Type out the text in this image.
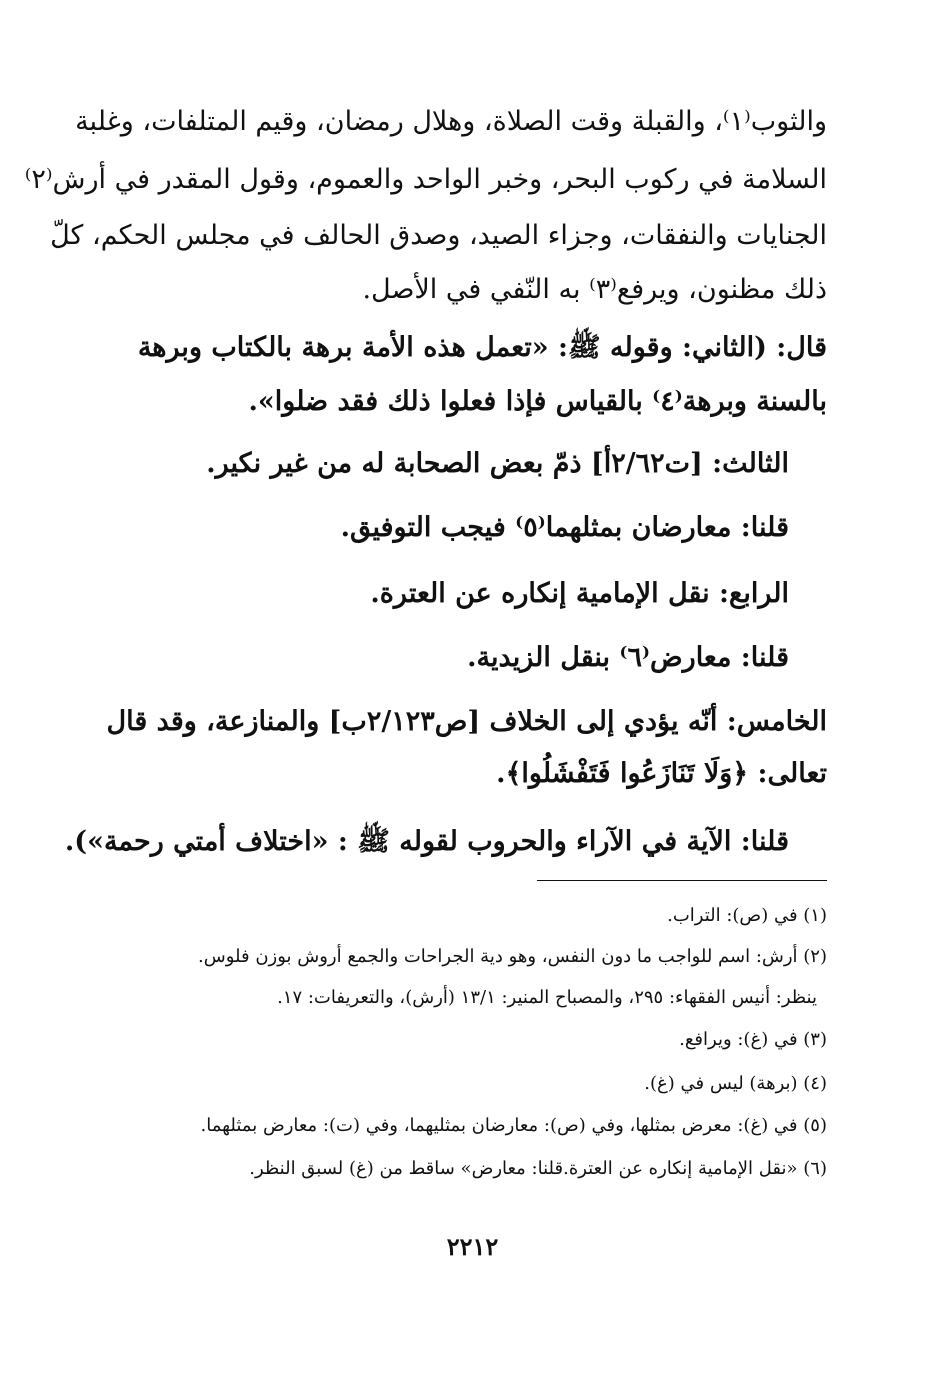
والثوب⁽١⁾، والقبلة وقت الصلاة، وهلال رمضان، وقيم المتلفات، وغلبة
السلامة في ركوب البحر، وخبر الواحد والعموم، وقول المقدر في أرش⁽٢⁾
الجنايات والنفقات، وجزاء الصيد، وصدق الحالف في مجلس الحكم، كلّ
ذلك مظنون، ويرفع⁽٣⁾ به النّفي في الأصل.
قال: (الثاني: وقوله ﷺ: «تعمل هذه الأمة برهة بالكتاب وبرهة
بالسنة وبرهة⁽٤⁾ بالقياس فإذا فعلوا ذلك فقد ضلوا».
الثالث: [ت٢/٦٢أ] ذمّ بعض الصحابة له من غير نكير.
قلنا: معارضان بمثلهما⁽٥⁾ فيجب التوفيق.
الرابع: نقل الإمامية إنكاره عن العترة.
قلنا: معارض⁽٦⁾ بنقل الزيدية.
الخامس: أنّه يؤدي إلى الخلاف [ص٢/١٢٣ب] والمنازعة، وقد قال
تعالى: ﴿وَلَا تَنَازَعُوا فَتَفْشَلُوا﴾.
قلنا: الآية في الآراء والحروب لقوله ﷺ : «اختلاف أمتي رحمة»).
(١) في (ص): التراب.
(٢) أرش: اسم للواجب ما دون النفس، وهو دية الجراحات والجمع أروش بوزن فلوس.
ينظر: أنيس الفقهاء: ٢٩٥، والمصباح المنير: ١٣/١ (أرش)، والتعريفات: ١٧.
(٣) في (غ): ويرافع.
(٤) (برهة) ليس في (غ).
(٥) في (غ): معرض بمثلها، وفي (ص): معارضان بمثليهما، وفي (ت): معارض بمثلهما.
(٦) «نقل الإمامية إنكاره عن العترة.قلنا: معارض» ساقط من (غ) لسبق النظر.
٢٢١٢
